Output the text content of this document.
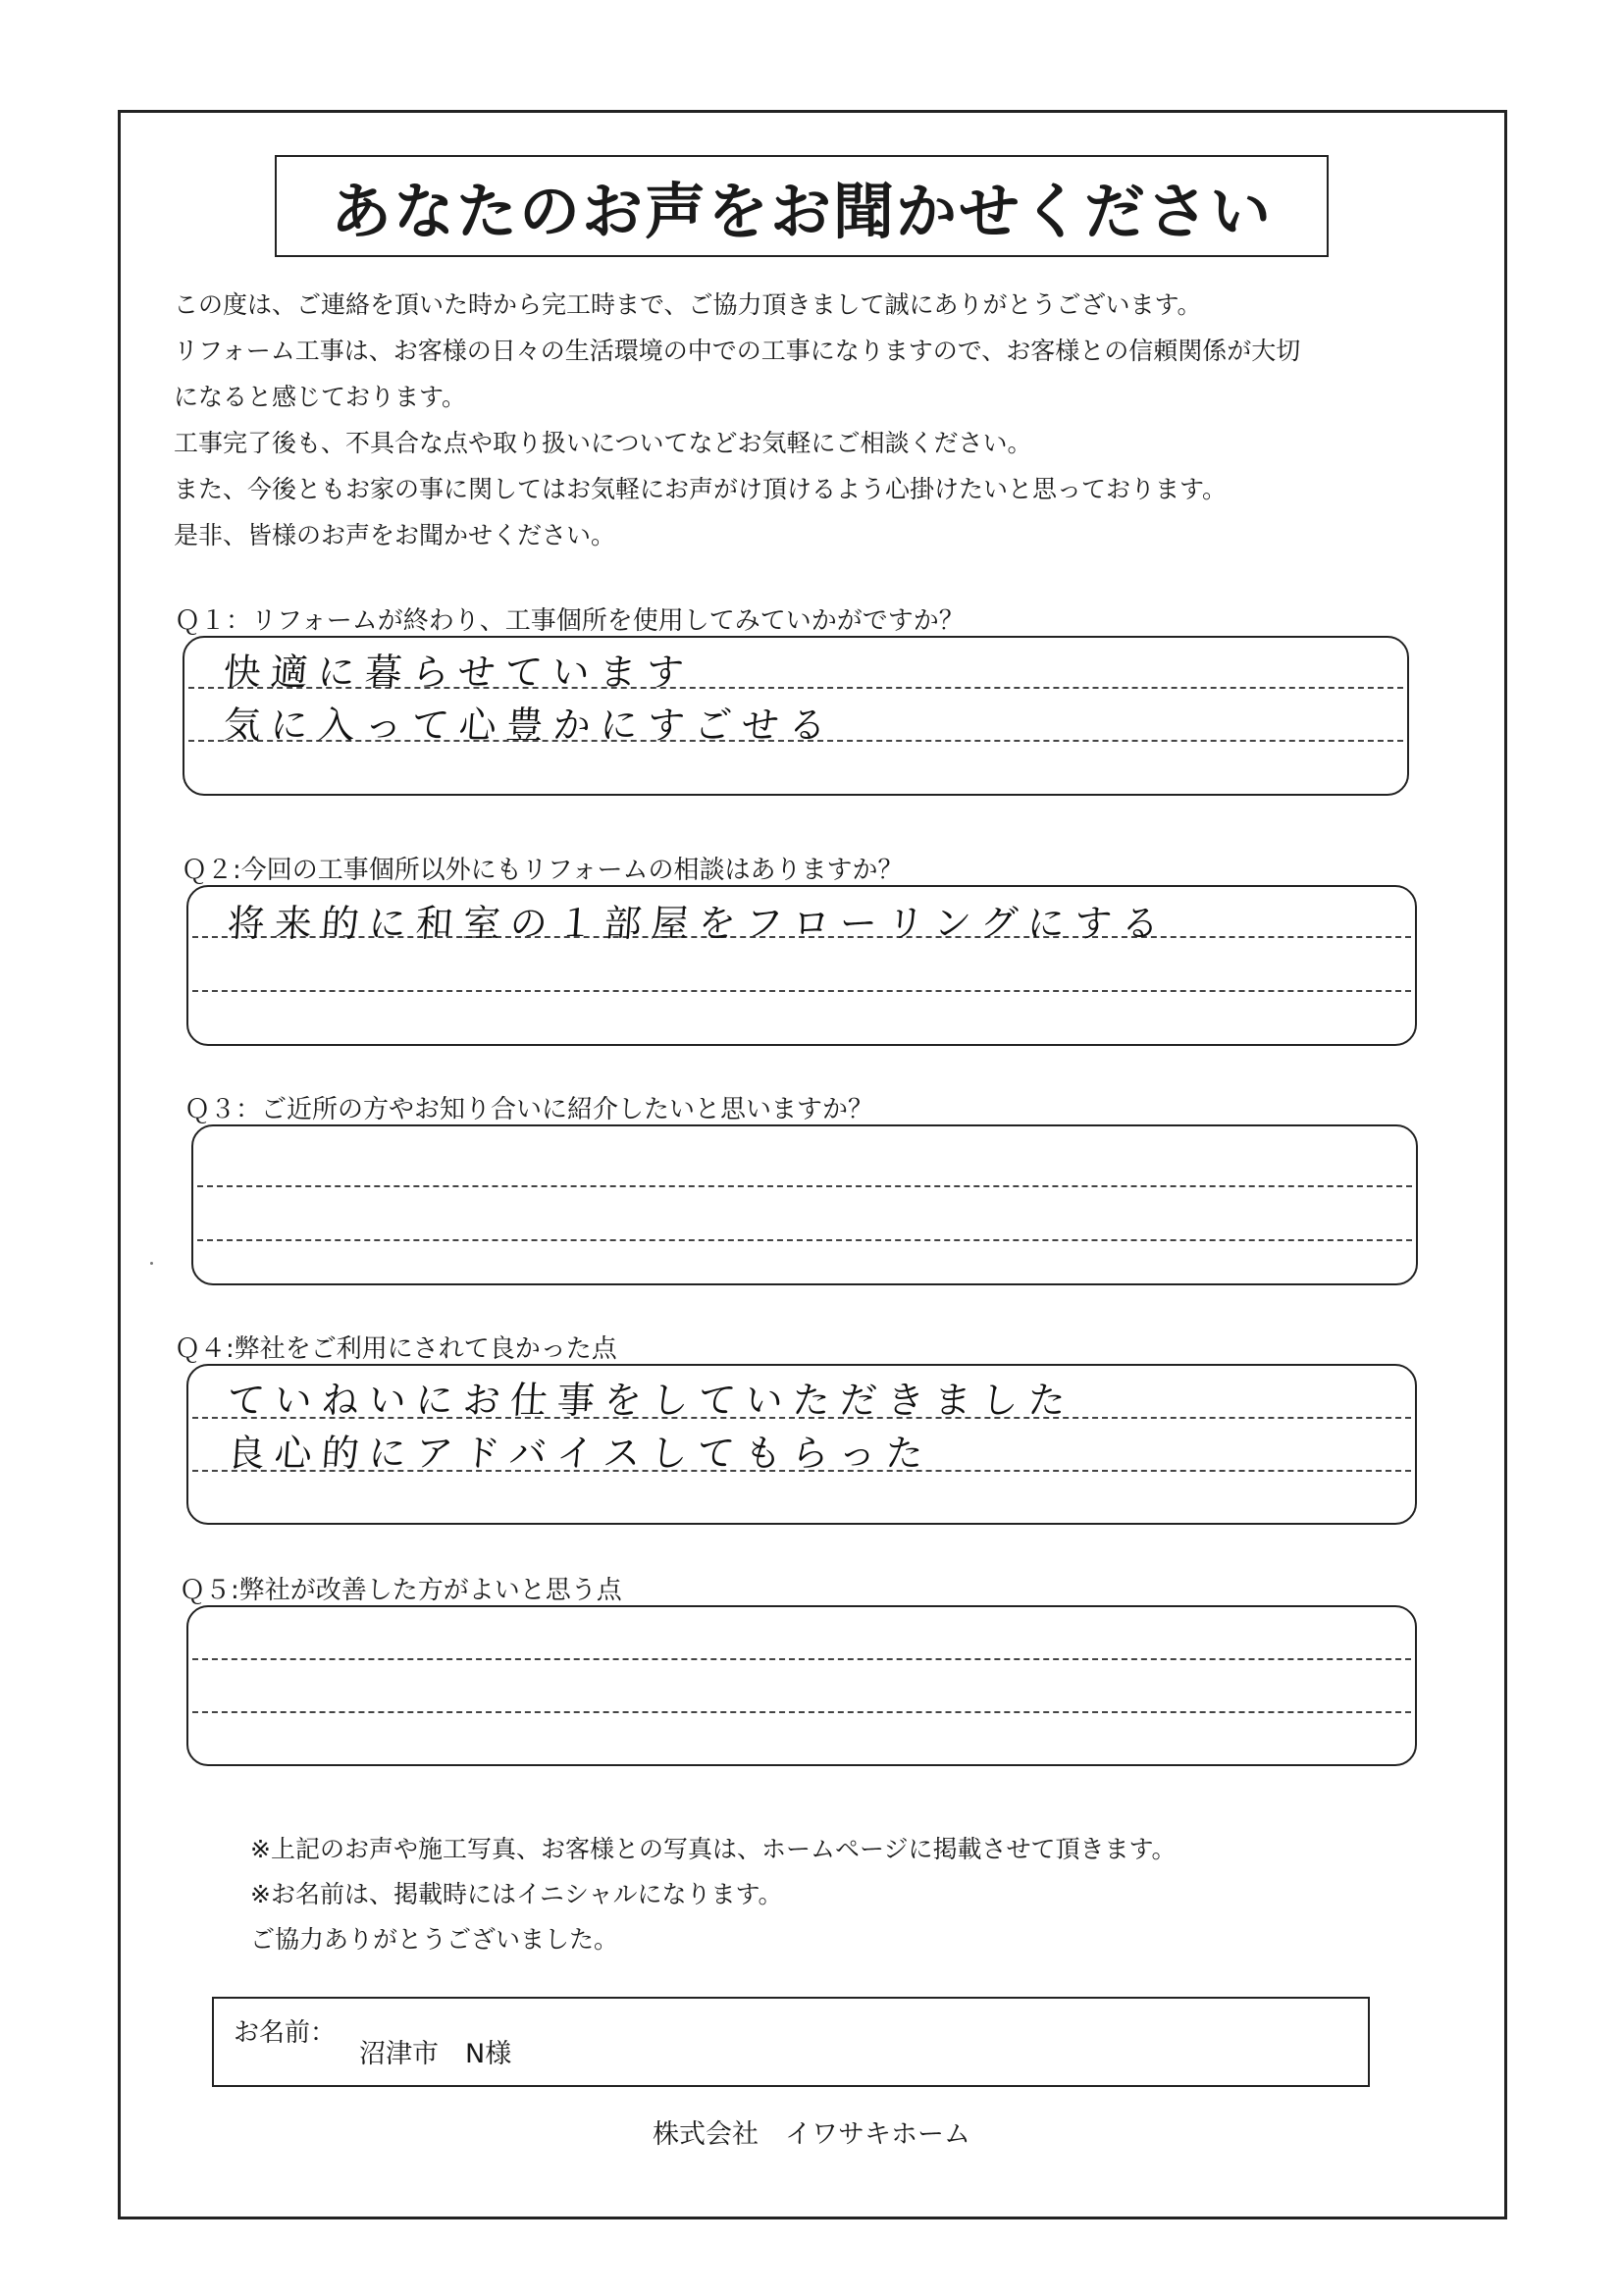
あなたのお声をお聞かせください
この度は、ご連絡を頂いた時から完工時まで、ご協力頂きまして誠にありがとうございます。
リフォーム工事は、お客様の日々の生活環境の中での工事になりますので、お客様との信頼関係が大切
になると感じております。
工事完了後も、不具合な点や取り扱いについてなどお気軽にご相談ください。
また、今後ともお家の事に関してはお気軽にお声がけ頂けるよう心掛けたいと思っております。
是非、皆様のお声をお聞かせください。
Ｑ１：リフォームが終わり、工事個所を使用してみていかがですか？
快適に暮らせています
気に入って心豊かにすごせる
Ｑ２:今回の工事個所以外にもリフォームの相談はありますか？
将来的に和室の１部屋をフローリングにする
Ｑ３：ご近所の方やお知り合いに紹介したいと思いますか？
Ｑ４:弊社をご利用にされて良かった点
ていねいにお仕事をしていただきました
良心的にアドバイスしてもらった
Ｑ５:弊社が改善した方がよいと思う点
※上記のお声や施工写真、お客様との写真は、ホームページに掲載させて頂きます。
※お名前は、掲載時にはイニシャルになります。
ご協力ありがとうございました。
お名前：
沼津市　N様
株式会社　イワサキホーム
